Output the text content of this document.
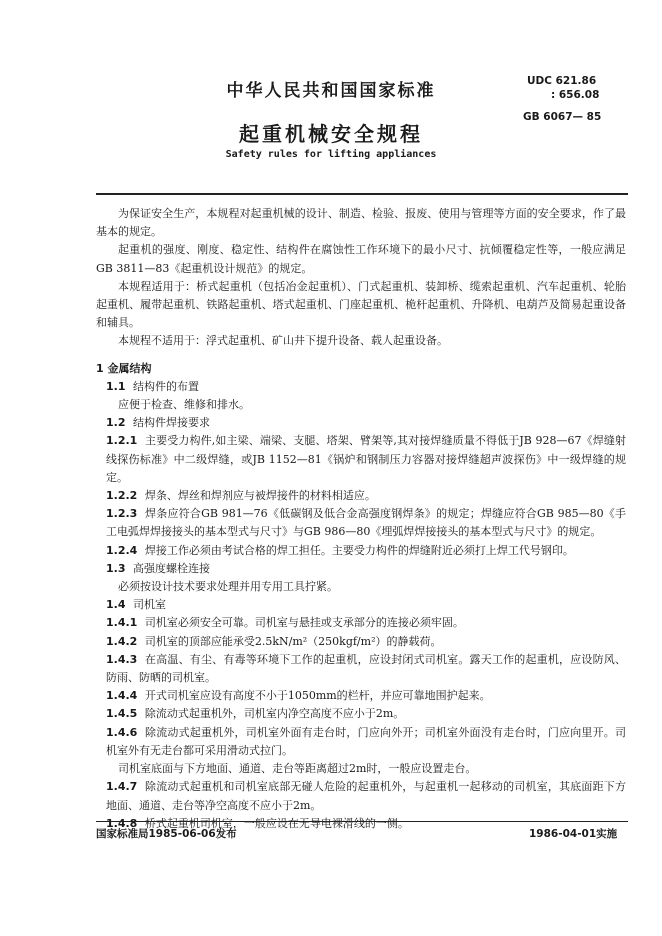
中华人民共和国国家标准	UDC 621.86
: 656.08
GB 6067— 85
起重机械安全规程
Safety rules for lifting appliances

为保证安全生产，本规程对起重机械的设计、制造、检验、报废、使用与管理等方面的安全要求，作了最基本的规定。

起重机的强度、刚度、稳定性、结构件在腐蚀性工作环境下的最小尺寸、抗倾覆稳定性等，一般应满足GB 3811—83《起重机设计规范》的规定。

本规程适用于：桥式起重机（包括冶金起重机）、门式起重机、装卸桥、缆索起重机、汽车起重机、轮胎起重机、履带起重机、铁路起重机、塔式起重机、门座起重机、桅杆起重机、升降机、电葫芦及简易起重设备和辅具。

本规程不适用于：浮式起重机、矿山井下提升设备、载人起重设备。

1 金属结构

1.1 结构件的布置

应便于检查、维修和排水。

1.2 结构件焊接要求

1.2.1 主要受力构件,如主梁、端梁、支腿、塔架、臂架等,其对接焊缝质量不得低于JB 928—67《焊缝射线探伤标准》中二级焊缝，或JB 1152—81《锅炉和钢制压力容器对接焊缝超声波探伤》中一级焊缝的规定。

1.2.2 焊条、焊丝和焊剂应与被焊接件的材料相适应。

1.2.3 焊条应符合GB 981—76《低碳钢及低合金高强度钢焊条》的规定；焊缝应符合GB 985—80《手工电弧焊焊接接头的基本型式与尺寸》与GB 986—80《埋弧焊焊接接头的基本型式与尺寸》的规定。

1.2.4 焊接工作必须由考试合格的焊工担任。主要受力构件的焊缝附近必须打上焊工代号钢印。

1.3 高强度螺栓连接

必须按设计技术要求处理并用专用工具拧紧。

1.4 司机室

1.4.1 司机室必须安全可靠。司机室与悬挂或支承部分的连接必须牢固。

1.4.2 司机室的顶部应能承受2.5kN/m²（250kgf/m²）的静载荷。

1.4.3 在高温、有尘、有毒等环境下工作的起重机，应设封闭式司机室。露天工作的起重机，应设防风、防雨、防晒的司机室。

1.4.4 开式司机室应设有高度不小于1050mm的栏杆，并应可靠地围护起来。

1.4.5 除流动式起重机外，司机室内净空高度不应小于2m。

1.4.6 除流动式起重机外，司机室外面有走台时，门应向外开；司机室外面没有走台时，门应向里开。司机室外有无走台都可采用滑动式拉门。

司机室底面与下方地面、通道、走台等距离超过2m时，一般应设置走台。

1.4.7 除流动式起重机和司机室底部无碰人危险的起重机外，与起重机一起移动的司机室，其底面距下方地面、通道、走台等净空高度不应小于2m。

1.4.8 桥式起重机司机室，一般应设在无导电裸滑线的一侧。

国家标准局1985-06-06发布	1986-04-01实施
